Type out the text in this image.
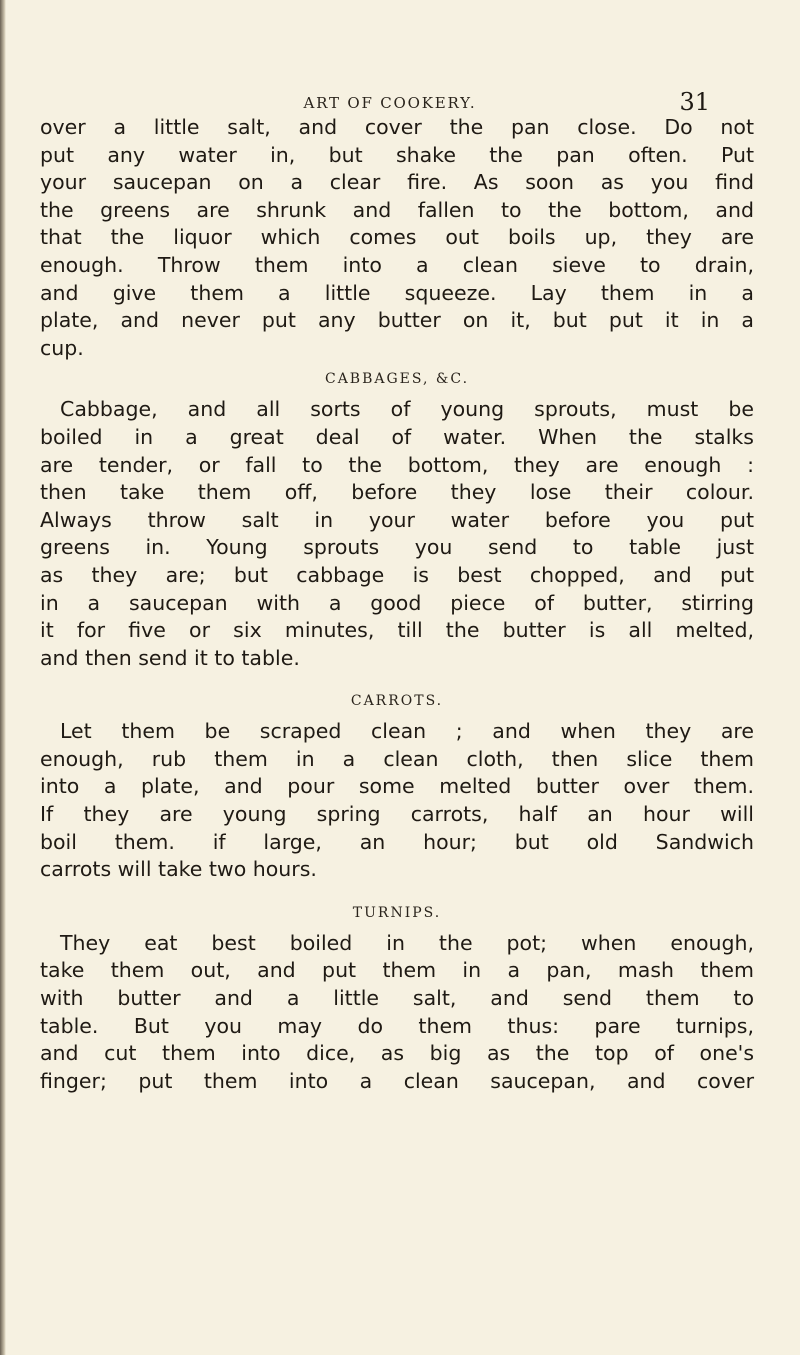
ART OF COOKERY.	31
over a little salt, and cover the pan close. Do not
put any water in, but shake the pan often. Put
your saucepan on a clear fire. As soon as you find
the greens are shrunk and fallen to the bottom, and
that the liquor which comes out boils up, they are
enough. Throw them into a clean sieve to drain,
and give them a little squeeze. Lay them in a
plate, and never put any butter on it, but put it in a
cup.
CABBAGES, &C.
Cabbage, and all sorts of young sprouts, must be
boiled in a great deal of water. When the stalks
are tender, or fall to the bottom, they are enough :
then take them off, before they lose their colour.
Always throw salt in your water before you put
greens in. Young sprouts you send to table just
as they are; but cabbage is best chopped, and put
in a saucepan with a good piece of butter, stirring
it for five or six minutes, till the butter is all melted,
and then send it to table.
CARROTS.
Let them be scraped clean ; and when they are
enough, rub them in a clean cloth, then slice them
into a plate, and pour some melted butter over them.
If they are young spring carrots, half an hour will
boil them. if large, an hour; but old Sandwich
carrots will take two hours.
TURNIPS.
They eat best boiled in the pot; when enough,
take them out, and put them in a pan, mash them
with butter and a little salt, and send them to
table. But you may do them thus: pare turnips,
and cut them into dice, as big as the top of one's
finger; put them into a clean saucepan, and cover
